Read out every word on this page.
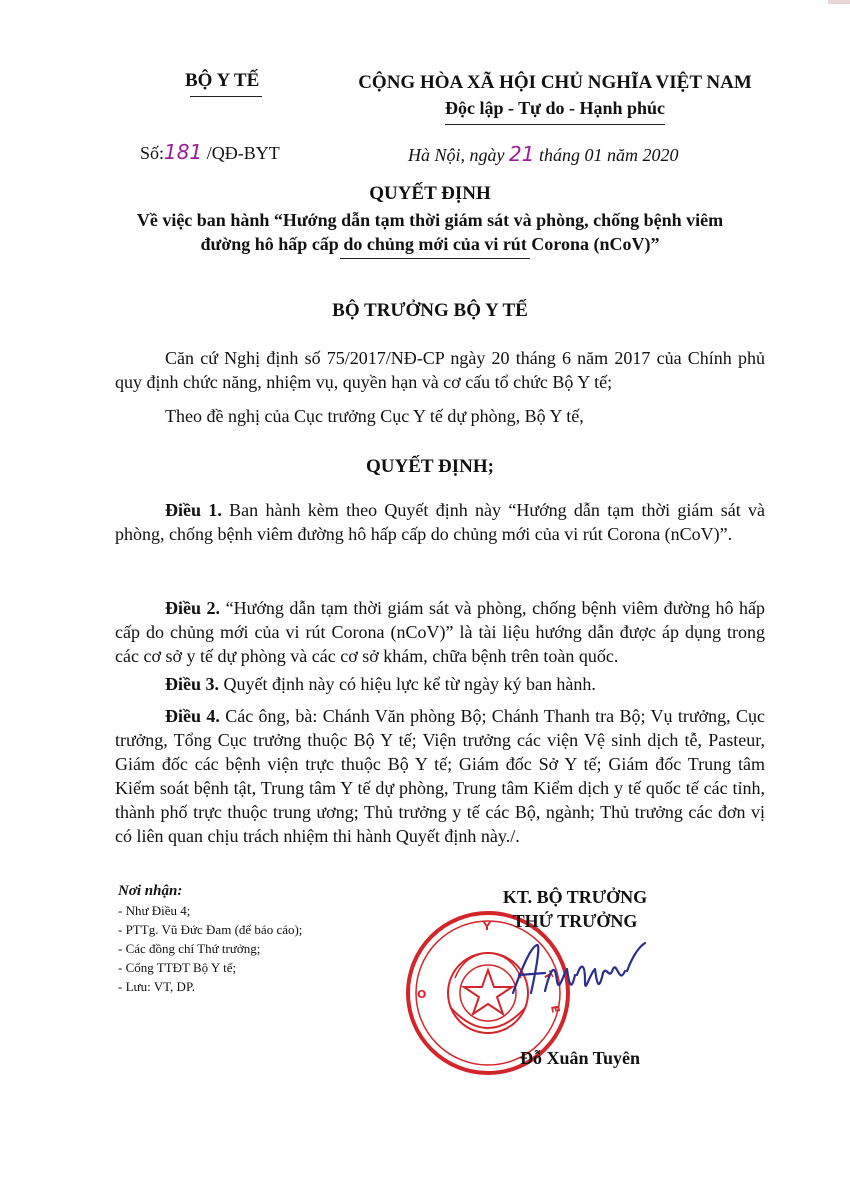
BỘ Y TẾ	CỘNG HÒA XÃ HỘI CHỦ NGHĨA VIỆT NAM
Độc lập - Tự do - Hạnh phúc
Số:181 /QĐ-BYT	Hà Nội, ngày 21 tháng 01 năm 2020
QUYẾT ĐỊNH
Về việc ban hành “Hướng dẫn tạm thời giám sát và phòng, chống bệnh viêm
đường hô hấp cấp do chủng mới của vi rút Corona (nCoV)”
BỘ TRƯỞNG BỘ Y TẾ
Căn cứ Nghị định số 75/2017/NĐ-CP ngày 20 tháng 6 năm 2017 của Chính phủ quy định chức năng, nhiệm vụ, quyền hạn và cơ cấu tổ chức Bộ Y tế;
Theo đề nghị của Cục trưởng Cục Y tế dự phòng, Bộ Y tế,
QUYẾT ĐỊNH;
Điều 1. Ban hành kèm theo Quyết định này “Hướng dẫn tạm thời giám sát và phòng, chống bệnh viêm đường hô hấp cấp do chủng mới của vi rút Corona (nCoV)”.
Điều 2. “Hướng dẫn tạm thời giám sát và phòng, chống bệnh viêm đường hô hấp cấp do chủng mới của vi rút Corona (nCoV)” là tài liệu hướng dẫn được áp dụng trong các cơ sở y tế dự phòng và các cơ sở khám, chữa bệnh trên toàn quốc.
Điều 3. Quyết định này có hiệu lực kể từ ngày ký ban hành.
Điều 4. Các ông, bà: Chánh Văn phòng Bộ; Chánh Thanh tra Bộ; Vụ trưởng, Cục trưởng, Tổng Cục trưởng thuộc Bộ Y tế; Viện trưởng các viện Vệ sinh dịch tễ, Pasteur, Giám đốc các bệnh viện trực thuộc Bộ Y tế; Giám đốc Sở Y tế; Giám đốc Trung tâm Kiểm soát bệnh tật, Trung tâm Y tế dự phòng, Trung tâm Kiểm dịch y tế quốc tế các tỉnh, thành phố trực thuộc trung ương; Thủ trưởng y tế các Bộ, ngành; Thủ trưởng các đơn vị có liên quan chịu trách nhiệm thi hành Quyết định này./.
Nơi nhận:
- Như Điều 4;
- PTTg. Vũ Đức Đam (để báo cáo);
- Các đồng chí Thứ trưởng;
- Cổng TTĐT Bộ Y tế;
- Lưu: VT, DP.
Y
O
T
E
KT. BỘ TRƯỞNG
THỨ TRƯỞNG
Đỗ Xuân Tuyên
